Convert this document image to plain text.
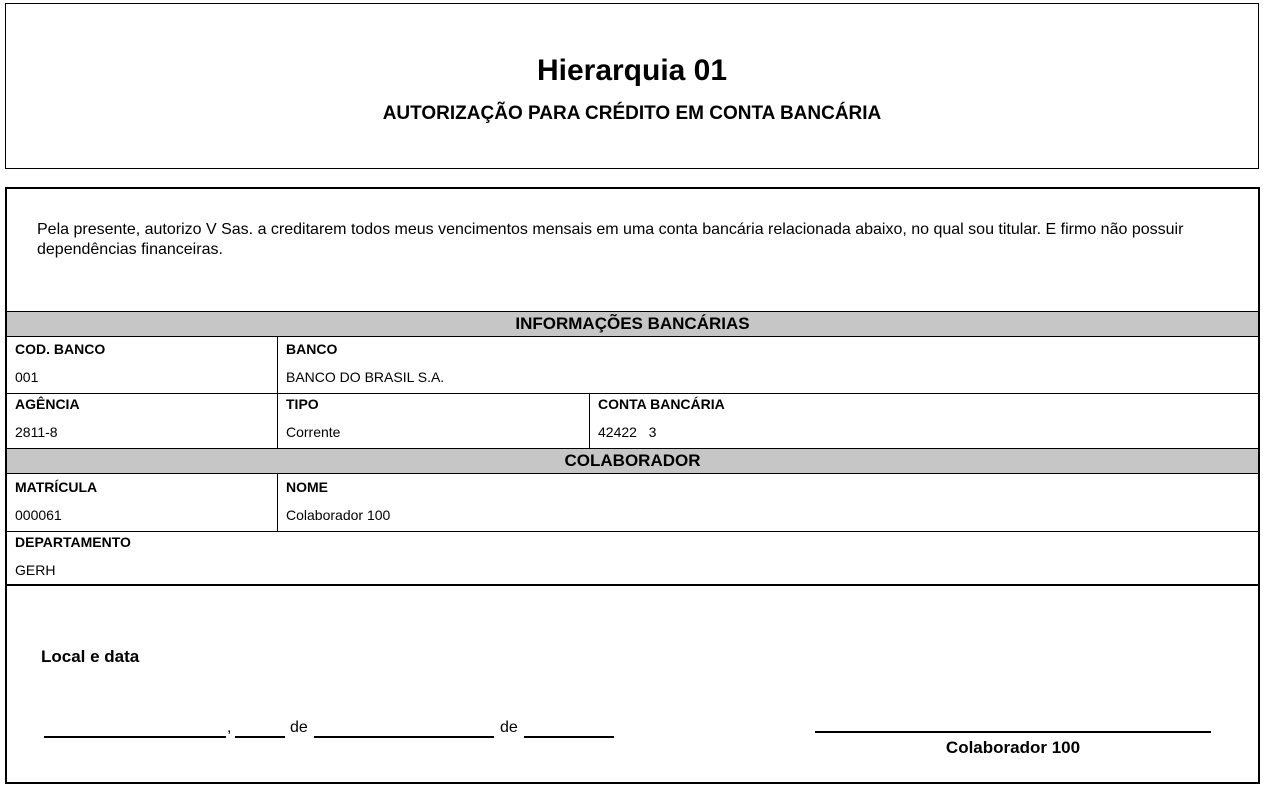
Hierarquia 01
AUTORIZAÇÃO PARA CRÉDITO EM CONTA BANCÁRIA
Pela presente, autorizo V Sas. a creditarem todos meus vencimentos mensais em uma conta bancária relacionada abaixo, no qual sou titular. E firmo não possuir dependências financeiras.
INFORMAÇÕES BANCÁRIAS
COD. BANCO
001
BANCO
BANCO DO BRASIL S.A.
AGÊNCIA
2811-8
TIPO
Corrente
CONTA BANCÁRIA
42422   3
COLABORADOR
MATRÍCULA
000061
NOME
Colaborador 100
DEPARTAMENTO
GERH
Local e data
,	de	de
Colaborador 100
